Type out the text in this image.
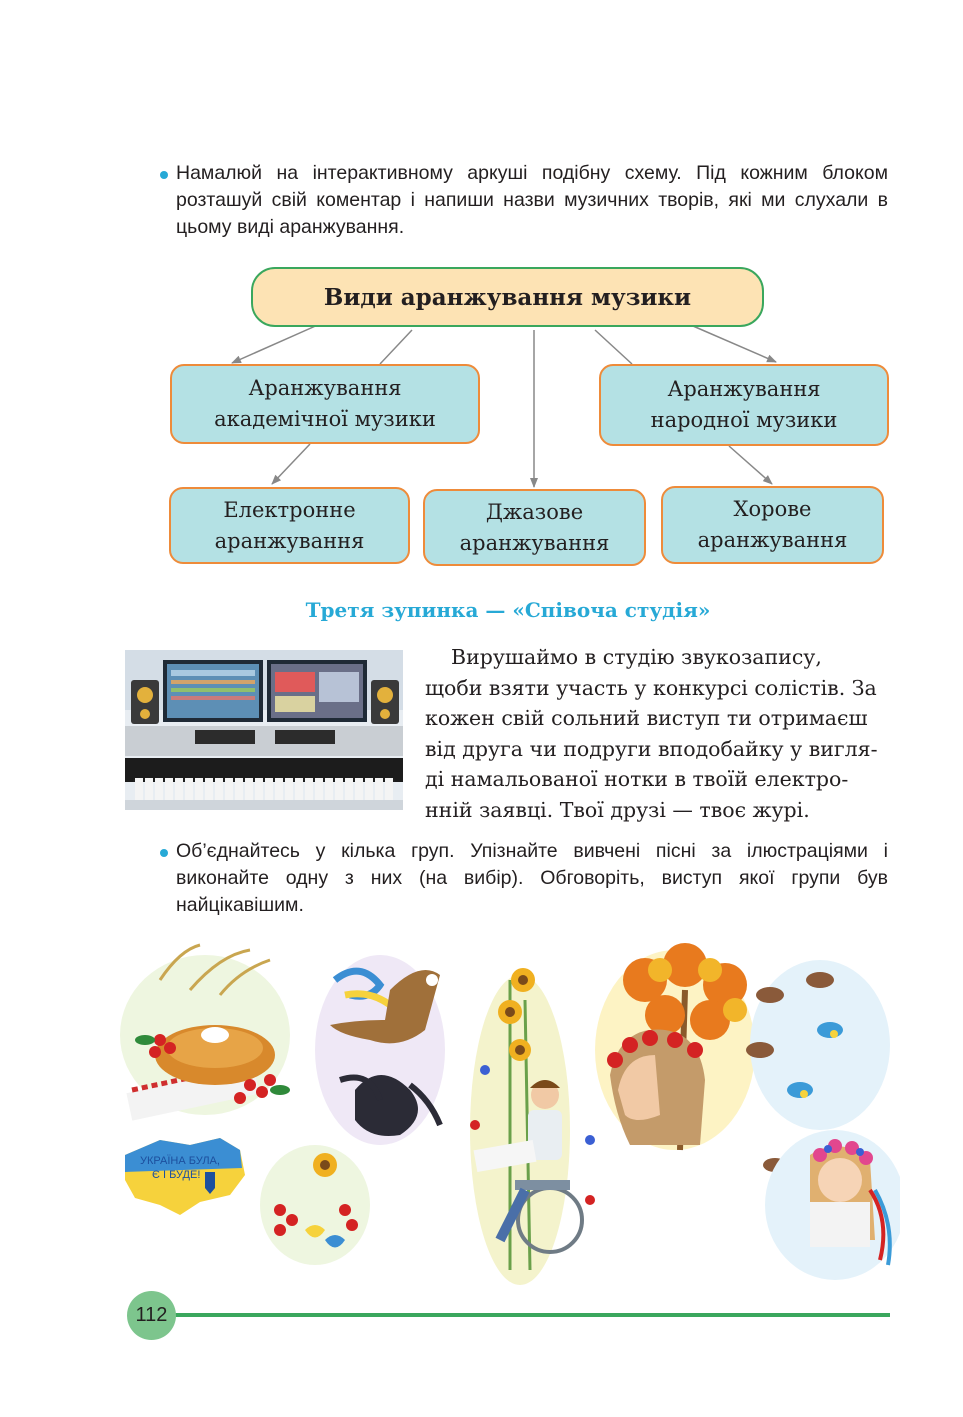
Намалюй на інтерактивному аркуші подібну схему. Під кожним блоком розташуй свій коментар і напиши назви музичних творів, які ми слухали в цьому виді аранжування.
Види аранжування музики
Аранжування
академічної музики
Аранжування
народної музики
Електронне
аранжування
Джазове
аранжування
Хорове
аранжування
Третя зупинка — «Співоча студія»
Вирушаймо в студію звукозапису,
щоби взяти участь у конкурсі солістів. За
кожен свій сольний виступ ти отримаєш
від друга чи подруги вподобайку у вигля-
ді намальованої нотки в твоїй електро-
нній заявці. Твої друзі — твоє журі.
Об’єднайтесь у кілька груп. Упізнайте вивчені пісні за ілюстраціями і виконайте одну з них (на вибір). Обговоріть, виступ якої групи був найцікавішим.
УКРАЇНА БУЛА,
Є І БУДЕ!
112
